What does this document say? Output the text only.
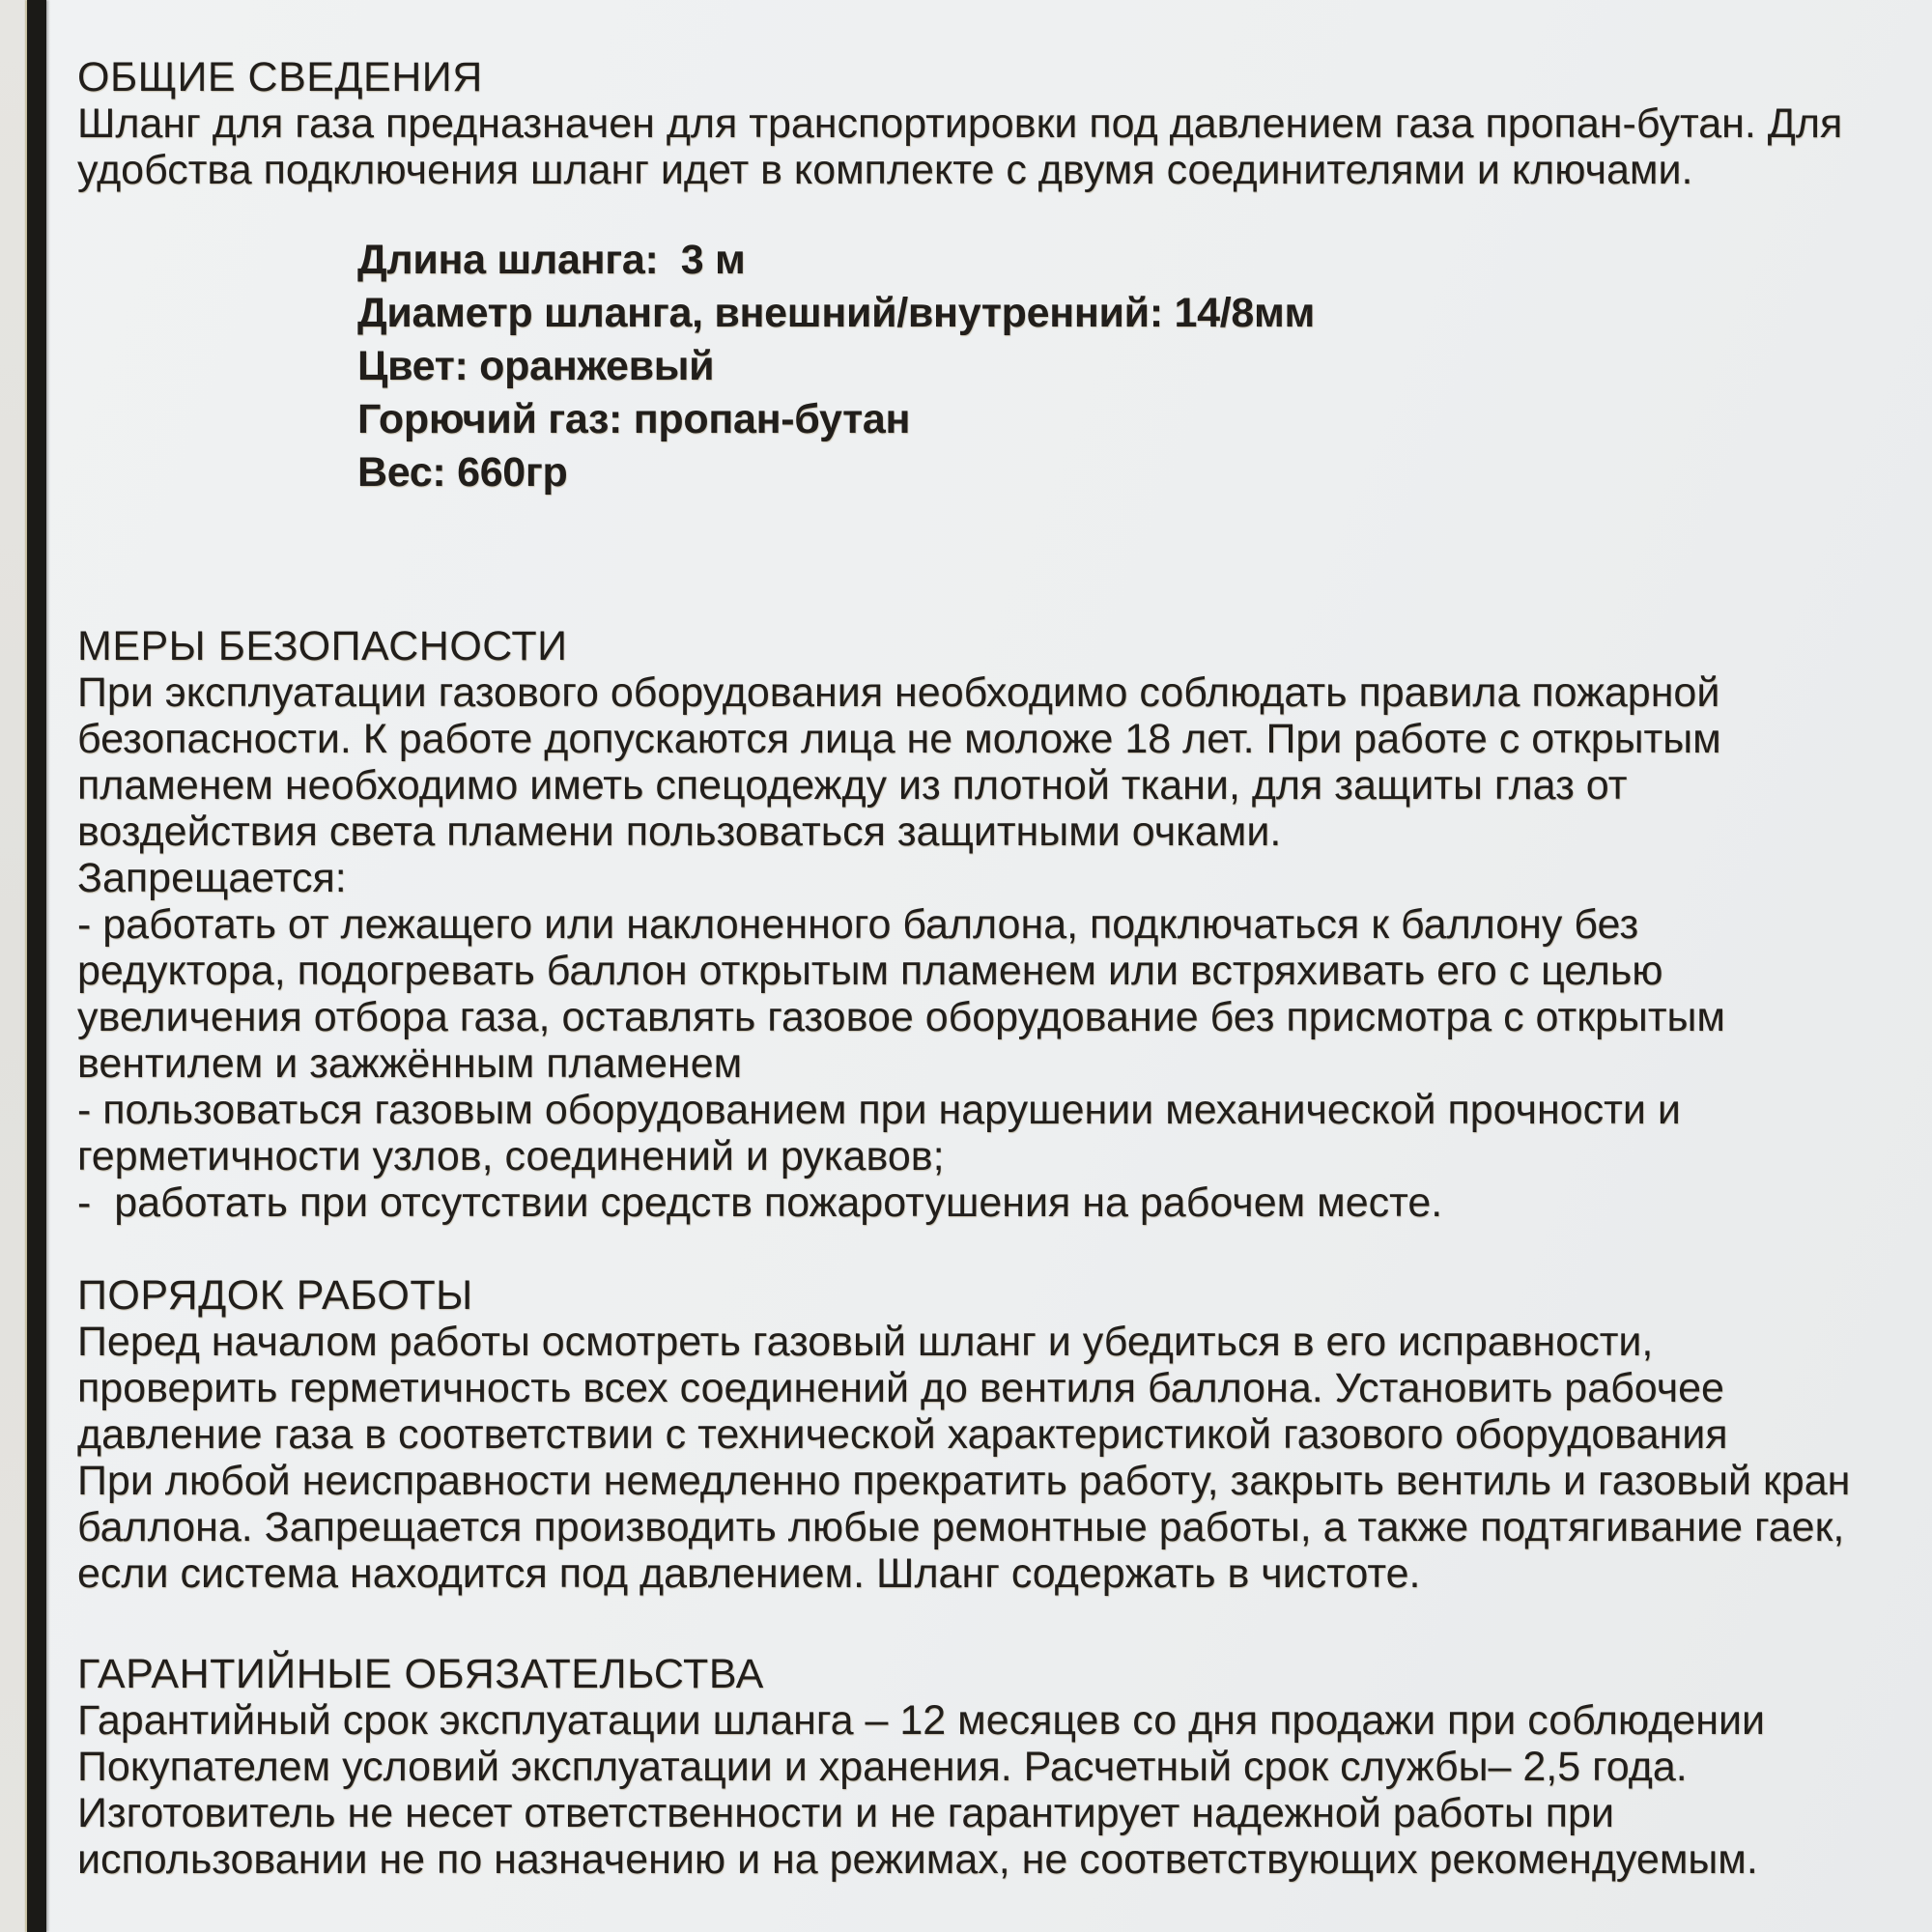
ОБЩИЕ СВЕДЕНИЯ
Шланг для газа предназначен для транспортировки под давлением газа пропан-бутан. Для
удобства подключения шланг идет в комплекте с двумя соединителями и ключами.
Длина шланга:  3 м
Диаметр шланга, внешний/внутренний: 14/8мм
Цвет: оранжевый
Горючий газ: пропан-бутан
Вес: 660гр
МЕРЫ БЕЗОПАСНОСТИ
При эксплуатации газового оборудования необходимо соблюдать правила пожарной
безопасности. К работе допускаются лица не моложе 18 лет. При работе с открытым
пламенем необходимо иметь спецодежду из плотной ткани, для защиты глаз от
воздействия света пламени пользоваться защитными очками.
Запрещается:
- работать от лежащего или наклоненного баллона, подключаться к баллону без
редуктора, подогревать баллон открытым пламенем или встряхивать его с целью
увеличения отбора газа, оставлять газовое оборудование без присмотра с открытым
вентилем и зажжённым пламенем
- пользоваться газовым оборудованием при нарушении механической прочности и
герметичности узлов, соединений и рукавов;
-  работать при отсутствии средств пожаротушения на рабочем месте.
ПОРЯДОК РАБОТЫ
Перед началом работы осмотреть газовый шланг и убедиться в его исправности,
проверить герметичность всех соединений до вентиля баллона. Установить рабочее
давление газа в соответствии с технической характеристикой газового оборудования
При любой неисправности немедленно прекратить работу, закрыть вентиль и газовый кран
баллона. Запрещается производить любые ремонтные работы, а также подтягивание гаек,
если система находится под давлением. Шланг содержать в чистоте.
ГАРАНТИЙНЫЕ ОБЯЗАТЕЛЬСТВА
Гарантийный срок эксплуатации шланга – 12 месяцев со дня продажи при соблюдении
Покупателем условий эксплуатации и хранения. Расчетный срок службы– 2,5 года.
Изготовитель не несет ответственности и не гарантирует надежной работы при
использовании не по назначению и на режимах, не соответствующих рекомендуемым.
